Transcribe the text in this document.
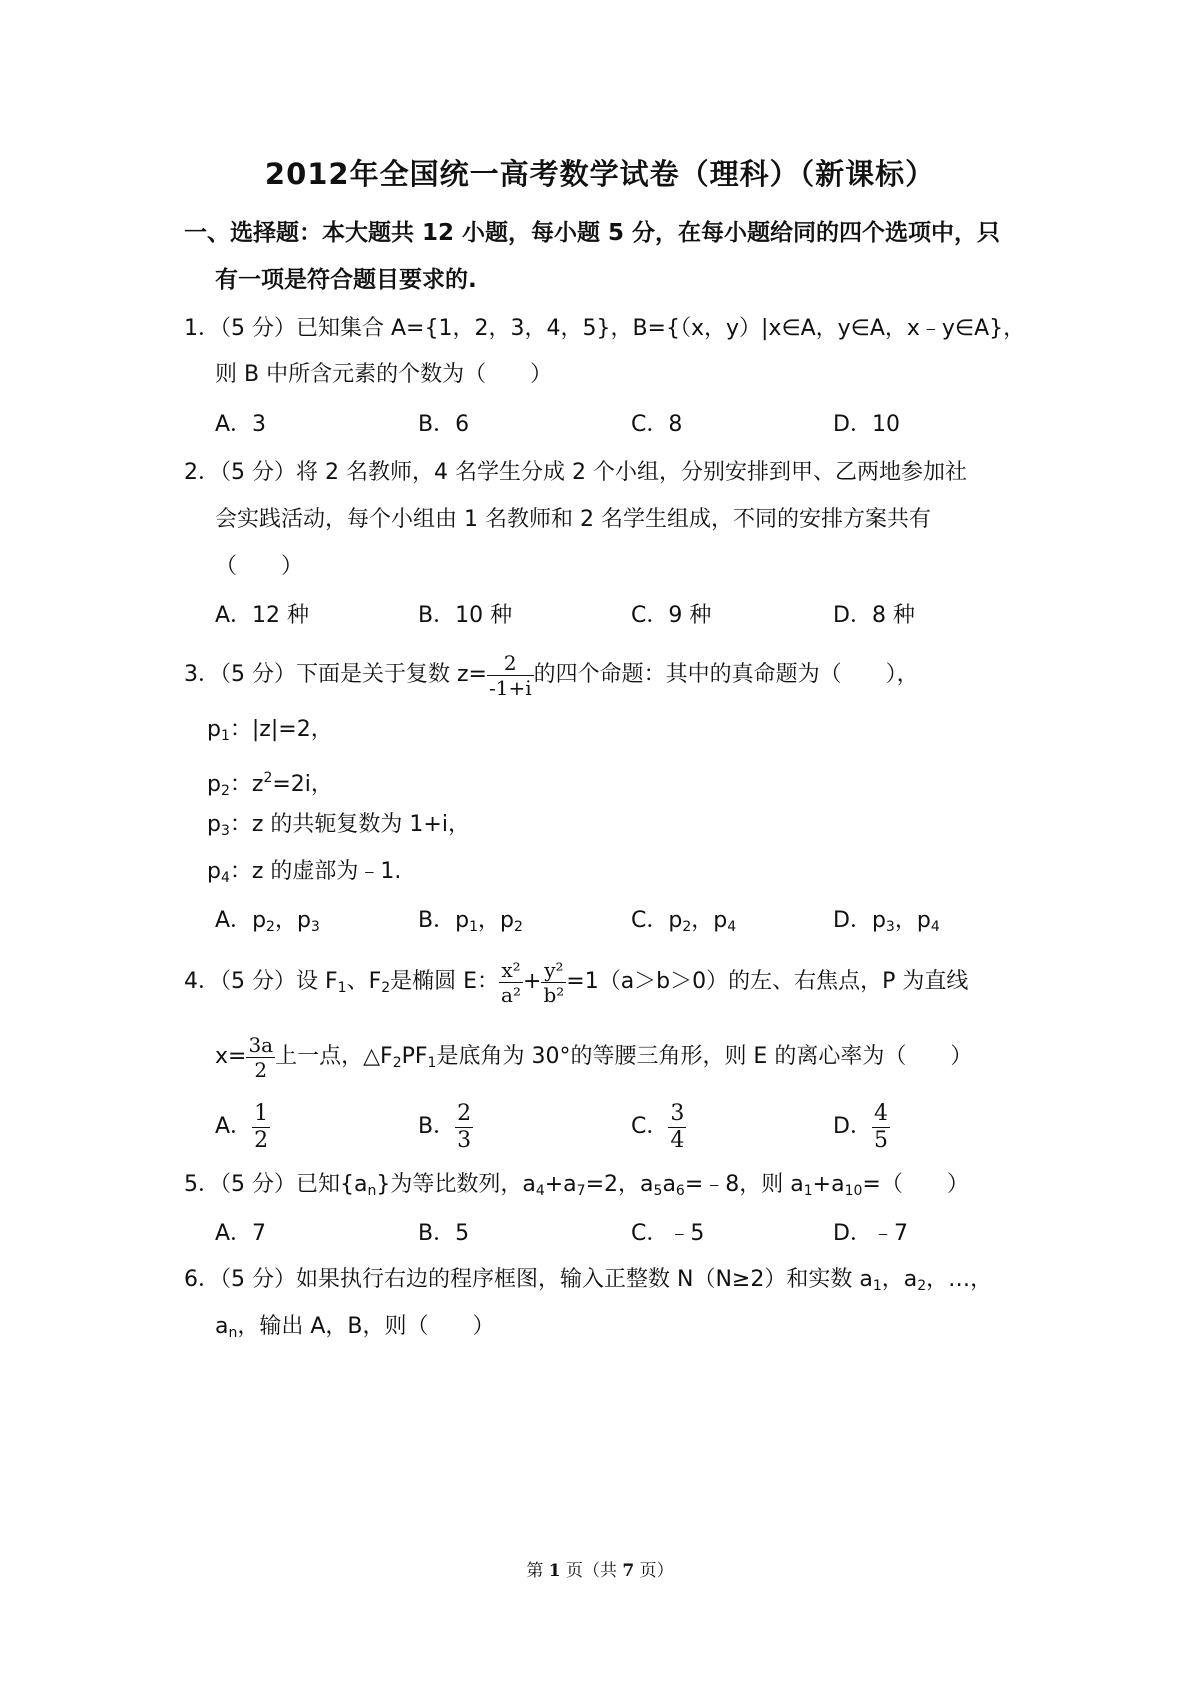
2012年全国统一高考数学试卷（理科）（新课标）
一、选择题：本大题共 12 小题，每小题 5 分，在每小题给同的四个选项中，只
有一项是符合题目要求的.
1．（5 分）已知集合 A={1，2，3，4，5}，B={（x，y）|x∈A，y∈A，x﹣y∈A}，
则 B 中所含元素的个数为（　　）
A．3	B．6	C．8	D．10
2．（5 分）将 2 名教师，4 名学生分成 2 个小组，分别安排到甲、乙两地参加社
会实践活动，每个小组由 1 名教师和 2 名学生组成，不同的安排方案共有
（　　）
A．12 种	B．10 种	C．9 种	D．8 种
3．（5 分）下面是关于复数 $z= \frac{2}{-1+i}$ 的四个命题：其中的真命题为（　　），
$p_1$：|z|=2，
$p_2$：$z^2=2i$，
$p_3$：z 的共轭复数为 1+i，
$p_4$：z 的虚部为﹣1.
A．$p_2$，$p_3$	B．$p_1$，$p_2$	C．$p_2$，$p_4$	D．$p_3$，$p_4$
4．（5 分）设 $F_1$、$F_2$是椭圆 E： $\frac{\text{x²}}{\text{a²}} + \frac{\text{y²}}{\text{b²}} =1(a>b>0)$的左、右焦点，P 为直线
$x= \frac{3a}{2}$ 上一点，$\triangle F_2PF_1$是底角为 30°的等腰三角形，则 E 的离心率为（　　）
A． $\frac{1}{2}$	B． $\frac{2}{3}$	C． $\frac{3}{4}$	D． $\frac{4}{5}$
5．（5 分）已知$\{a_n\}$为等比数列，$a_4+a_7=2$，$a_5a_6=﹣8$，则 $a_1+a_{10}=$（　　）
A．7	B．5	C．﹣5	D．﹣7
6．（5 分）如果执行右边的程序框图，输入正整数 N（N≥2）和实数 $a_1$，$a_2$，…，
$a_n$，输出 A，B，则（　　）
第 1 页（共 7 页）
